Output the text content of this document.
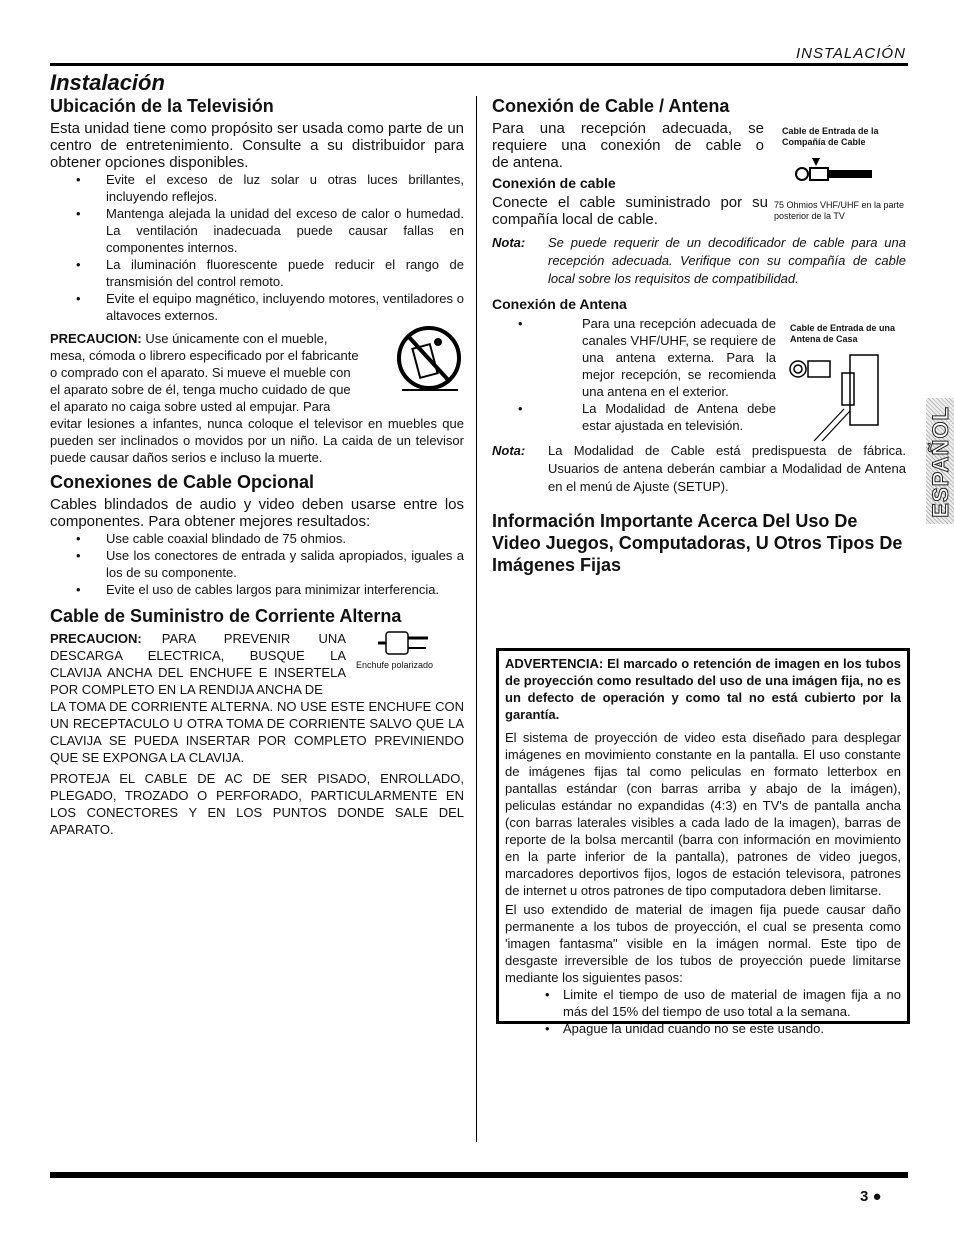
INSTALACIÓN
3 ●
ESPAÑOL
Instalación
Ubicación de la Televisión

Esta unidad tiene como propósito ser usada como parte de un centro de entretenimiento. Consulte a su distribuidor para obtener opciones disponibles.

• Evite el exceso de luz solar u otras luces brillantes, incluyendo reflejos.
• Mantenga alejada la unidad del exceso de calor o humedad. La ventilación inadecuada puede causar fallas en componentes internos.
• La iluminación fluorescente puede reducir el rango de transmisión del control remoto.
• Evite el equipo magnético, incluyendo motores, ventiladores o altavoces externos.
PRECAUCION: Use únicamente con el mueble,
mesa, cómoda o librero especificado por el fabricante
o comprado con el aparato. Si mueve el mueble con
el aparato sobre de él, tenga mucho cuidado de que
el aparato no caiga sobre usted al empujar. Para

evitar lesiones a infantes, nunca coloque el televisor en muebles que pueden ser inclinados o movidos por un niño. La caida de un televisor puede causar daños serios e incluso la muerte.

Conexiones de Cable Opcional

Cables blindados de audio y video deben usarse entre los componentes. Para obtener mejores resultados:

• Use cable coaxial blindado de 75 ohmios.
• Use los conectores de entrada y salida apropiados, iguales a los de su componente.
• Evite el uso de cables largos para minimizar interferencia.
Cable de Suministro de Corriente Alterna
PRECAUCION:	PARA PREVENIR UNA
DESCARGA ELECTRICA, BUSQUE LA
CLAVIJA ANCHA DEL ENCHUFE E INSERTELA
POR COMPLETO EN LA RENDIJA ANCHA DE
Enchufe polarizado

LA TOMA DE CORRIENTE ALTERNA. NO USE ESTE ENCHUFE CON UN RECEPTACULO U OTRA TOMA DE CORRIENTE SALVO QUE LA CLAVIJA SE PUEDA INSERTAR POR COMPLETO PREVINIENDO QUE SE EXPONGA LA CLAVIJA.

PROTEJA EL CABLE DE AC DE SER PISADO, ENROLLADO, PLEGADO, TROZADO O PERFORADO, PARTICULARMENTE EN LOS CONECTORES Y EN LOS PUNTOS DONDE SALE DEL APARATO.

Conexión de Cable / Antena
Para una recepción adecuada, se
requiere una conexión de cable o
de antena.
Cable de Entrada de la Compañía de Cable
Conexión de cable
Conecte el cable suministrado por su
compañía local de cable.
75 Ohmios VHF/UHF en la parte posterior de la TV
Nota:	Se puede requerir de un decodificador de cable para una recepción adecuada. Verifique con su compañía de cable local sobre los requisitos de compatibilidad.
Conexión de Antena
• Para una recepción adecuada de canales VHF/UHF, se requiere de una antena externa. Para la mejor recepción, se recomienda una antena en el exterior.
• La Modalidad de Antena debe estar ajustada en televisión.
Cable de Entrada de una Antena de Casa
Nota:	La Modalidad de Cable está predispuesta de fábrica. Usuarios de antena deberán cambiar a Modalidad de Antena en el menú de Ajuste (SETUP).
Información Importante Acerca Del Uso De Video Juegos, Computadoras, U Otros Tipos De Imágenes Fijas

ADVERTENCIA: El marcado o retención de imagen en los tubos de proyección como resultado del uso de una imágen fija, no es un defecto de operación y como tal no está cubierto por la garantía.

El sistema de proyección de video esta diseñado para desplegar imágenes en movimiento constante en la pantalla. El uso constante de imágenes fijas tal como peliculas en formato letterbox en pantallas estándar (con barras arriba y abajo de la imágen), peliculas estándar no expandidas (4:3) en TV's de pantalla ancha (con barras laterales visibles a cada lado de la imagen), barras de reporte de la bolsa mercantil (barra con información en movimiento en la parte inferior de la pantalla), patrones de video juegos, marcadores deportivos fijos, logos de estación televisora, patrones de internet u otros patrones de tipo computadora deben limitarse.

El uso extendido de material de imagen fija puede causar daño permanente a los tubos de proyección, el cual se presenta como 'imagen fantasma" visible en la imágen normal. Este tipo de desgaste irreversible de los tubos de proyección puede limitarse mediante los siguientes pasos:

• Limite el tiempo de uso de material de imagen fija a no más del 15% del tiempo de uso total a la semana.
• Apague la unidad cuando no se este usando.
